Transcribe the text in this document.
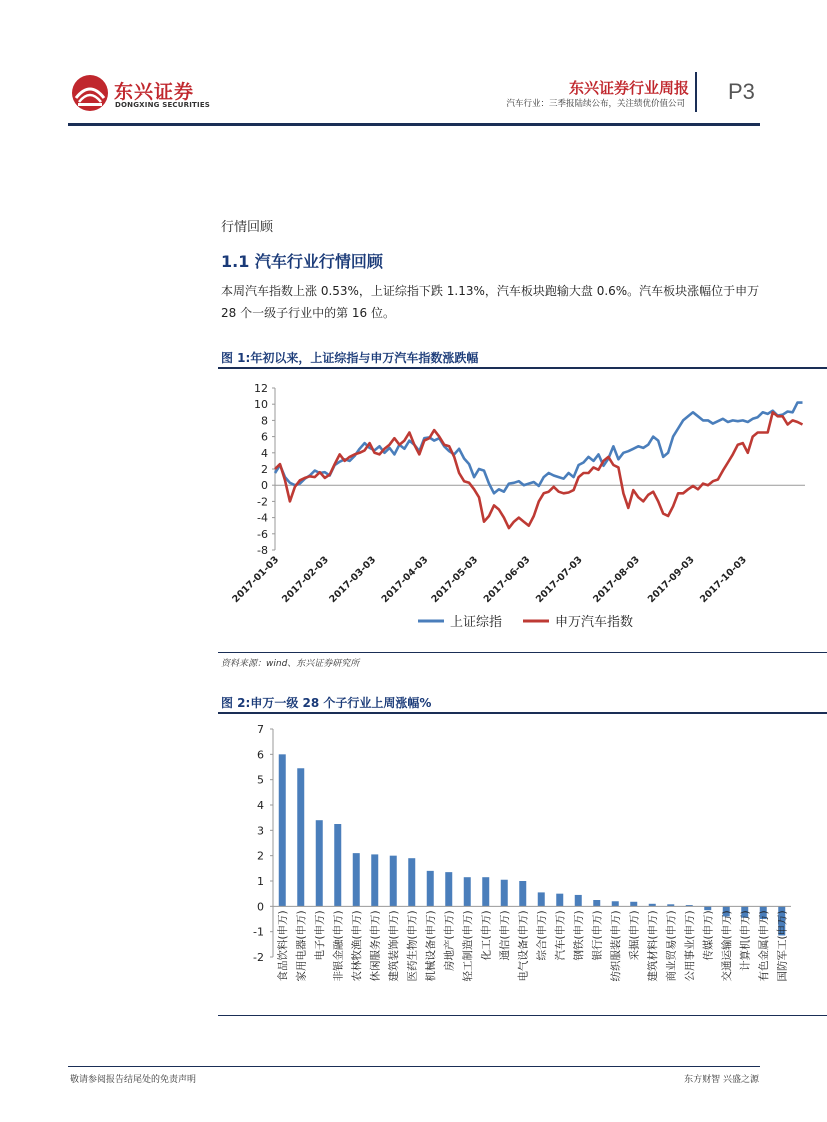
东兴证券
DONGXING SECURITIES
东兴证券行业周报
汽车行业：三季报陆续公布，关注绩优价值公司 P3
行情回顾
1.1 汽车行业行情回顾
本周汽车指数上涨 0.53%，上证综指下跌 1.13%，汽车板块跑输大盘 0.6%。汽车板块涨幅位于申万 28 个一级子行业中的第 16 位。
图 1:年初以来，上证综指与申万汽车指数涨跌幅
12
10
8
6
4
2
0
-2
-4
-6
-8
2017-01-03 2017-02-03
2017-03-03 2017-04-03 2017-05-03 2017-06-03 2017-07-03 2017-08-03 2017-09-03 2017-10-03
上证综指	申万汽车指数
资料来源：wind、东兴证券研究所
图 2:申万一级 28 个子行业上周涨幅%
7
6
5
4
3
2
1
0
-1
-2 食品饮料(申万) 家用电器(申万) 电子(申万) 非银金融(申万) 农林牧渔(申万) 休闲服务(申万) 建筑装饰(申万) 医药生物(申万) 机械设备(申万) 房地产(申万) 轻工制造(申万) 化工(申万) 通信(申万) 电气设备(申万) 综合(申万) 汽车(申万) 钢铁(申万) 银行(申万) 纺织服装(申万) 采掘(申万) 建筑材料(申万) 商业贸易(申万) 公用事业(申万) 传媒(申万) 交通运输(申万) 计算机(申万) 有色金属(申万) 国防军工(申万)
敬请参阅报告结尾处的免责声明	东方财智 兴盛之源
